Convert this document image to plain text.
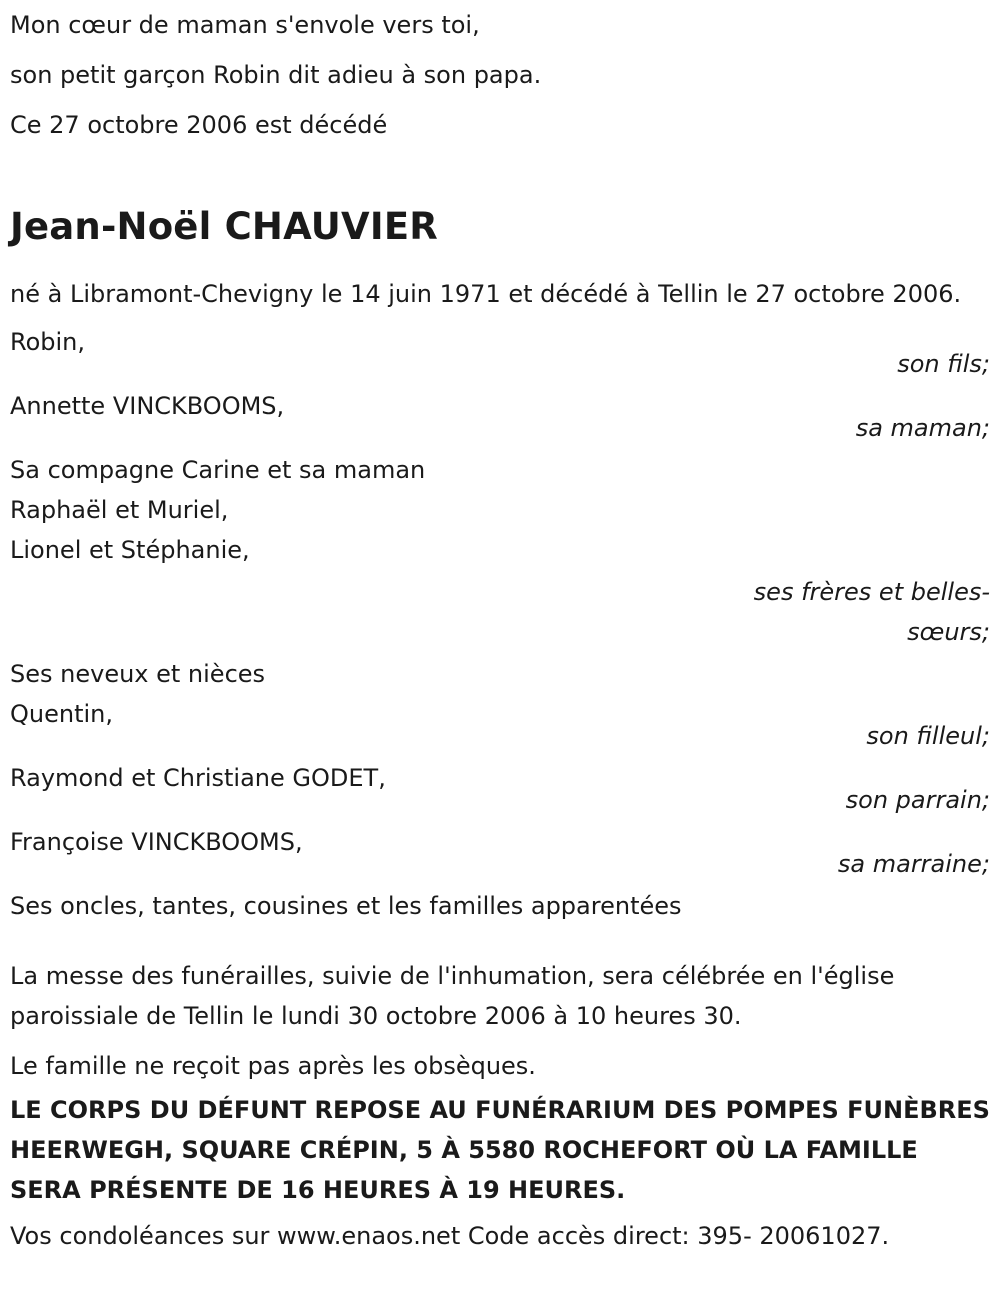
Mon cœur de maman s'envole vers toi,

son petit garçon Robin dit adieu à son papa.

Ce 27 octobre 2006 est décédé

Jean-Noël CHAUVIER

né à Libramont-Chevigny le 14 juin 1971 et décédé à Tellin le 27 octobre 2006.

Robin,

son fils;

Annette VINCKBOOMS,

sa maman;

Sa compagne Carine et sa maman

Raphaël et Muriel,

Lionel et Stéphanie,

ses frères et belles-sœurs;

Ses neveux et nièces

Quentin,

son filleul;

Raymond et Christiane GODET,

son parrain;

Françoise VINCKBOOMS,

sa marraine;

Ses oncles, tantes, cousines et les familles apparentées

La messe des funérailles, suivie de l'inhumation, sera célébrée en l'église paroissiale de Tellin le lundi 30 octobre 2006 à 10 heures 30.

Le famille ne reçoit pas après les obsèques.

LE CORPS DU DÉFUNT REPOSE AU FUNÉRARIUM DES POMPES FUNÈBRES HEERWEGH, SQUARE CRÉPIN, 5 À 5580 ROCHEFORT OÙ LA FAMILLE SERA PRÉSENTE DE 16 HEURES À 19 HEURES.

Vos condoléances sur www.enaos.net Code accès direct: 395- 20061027.
